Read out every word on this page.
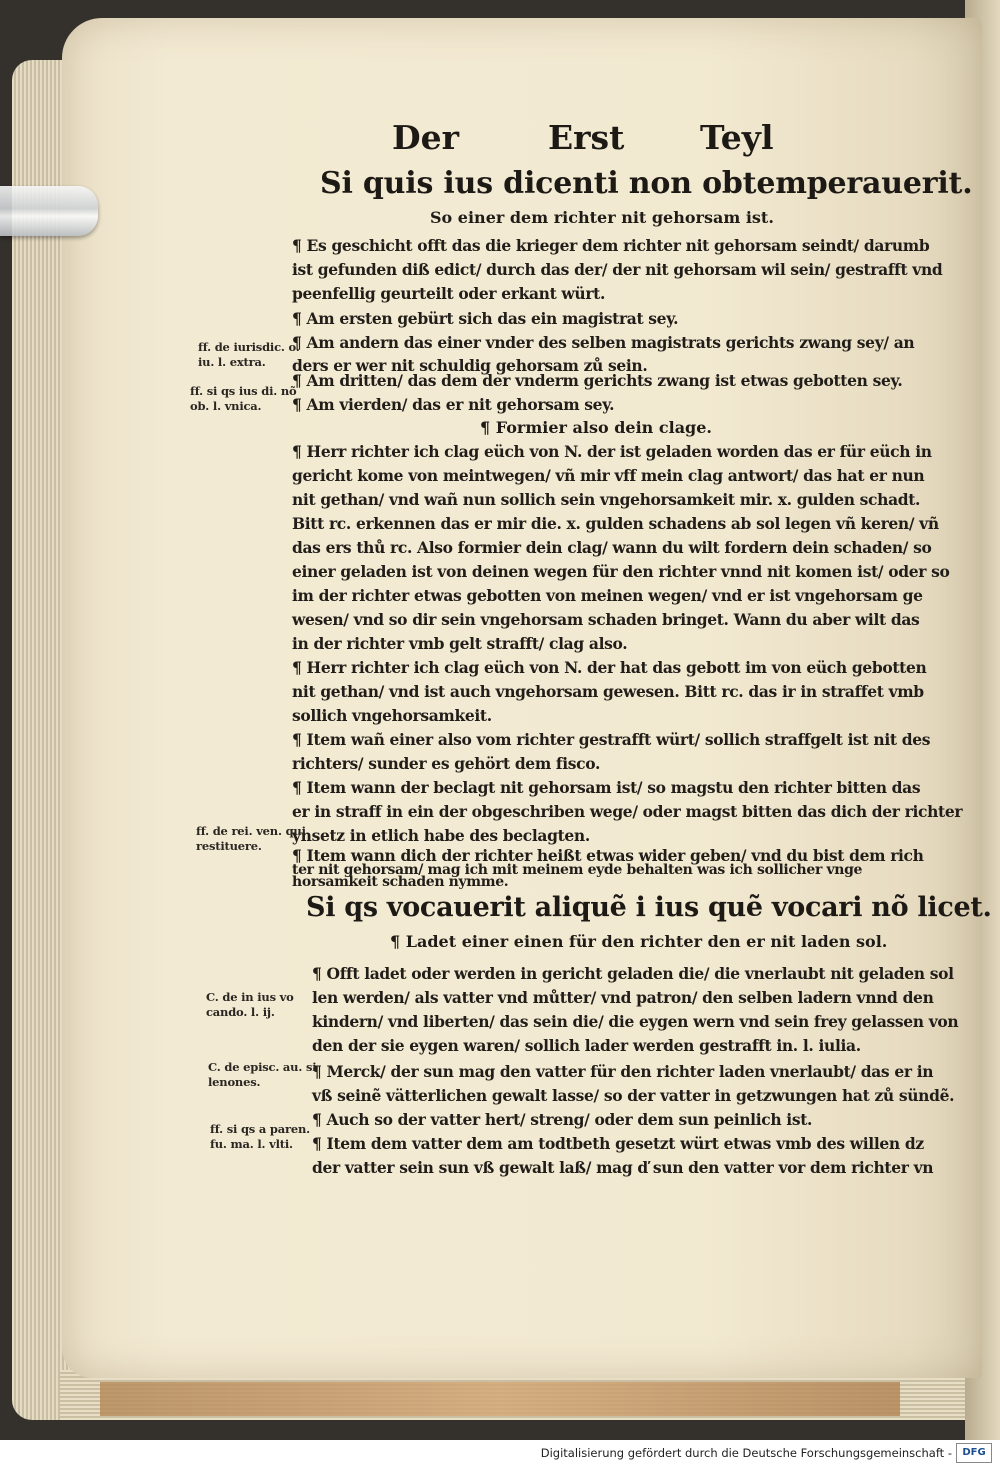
Der	Erst Teyl
Si quis ius dicenti non obtemperauerit.
So einer dem richter nit gehorsam ist.
¶ Es geschicht offt das die krieger dem richter nit gehorsam seindt/ darumb
ist gefunden diß edict/ durch das der/ der nit gehorsam wil sein/ gestrafft vnd
peenfellig geurteilt oder erkant würt.
¶ Am ersten gebürt sich das ein magistrat sey.
¶ Am andern das einer vnder des selben magistrats gerichts zwang sey/ an
ders er wer nit schuldig gehorsam zů sein.
¶ Am dritten/ das dem der vnderm gerichts zwang ist etwas gebotten sey.
¶ Am vierden/ das er nit gehorsam sey.
¶ Formier also dein clage.
¶ Herr richter ich clag eüch von N. der ist geladen worden das er für eüch in
gericht kome von meintwegen/ vñ mir vff mein clag antwort/ das hat er nun
nit gethan/ vnd wañ nun sollich sein vngehorsamkeit mir. x. gulden schadt.
Bitt rc. erkennen das er mir die. x. gulden schadens ab sol legen vñ keren/ vñ
das ers thů rc. Also formier dein clag/ wann du wilt fordern dein schaden/ so
einer geladen ist von deinen wegen für den richter vnnd nit komen ist/ oder so
im der richter etwas gebotten von meinen wegen/ vnd er ist vngehorsam ge
wesen/ vnd so dir sein vngehorsam schaden bringet. Wann du aber wilt das
in der richter vmb gelt strafft/ clag also.
¶ Herr richter ich clag eüch von N. der hat das gebott im von eüch gebotten
nit gethan/ vnd ist auch vngehorsam gewesen. Bitt rc. das ir in straffet vmb
sollich vngehorsamkeit.
¶ Item wañ einer also vom richter gestrafft würt/ sollich straffgelt ist nit des
richters/ sunder es gehört dem fisco.
¶ Item wann der beclagt nit gehorsam ist/ so magstu den richter bitten das
er in straff in ein der obgeschriben wege/ oder magst bitten das dich der richter
ynsetz in etlich habe des beclagten.
¶ Item wann dich der richter heißt etwas wider geben/ vnd du bist dem rich
ter nit gehorsam/ mag ich mit meinem eyde behalten was ich sollicher vnge
Si qs vocauerit aliquẽ i ius quẽ vocari nõ licet.
¶ Ladet einer einen für den richter den er nit laden sol.
¶ Offt ladet oder werden in gericht geladen die/ die vnerlaubt nit geladen sol
len werden/ als vatter vnd můtter/ vnd patron/ den selben ladern vnnd den
kindern/ vnd liberten/ das sein die/ die eygen wern vnd sein frey gelassen von
den der sie eygen waren/ sollich lader werden gestrafft in. l. iulia.
¶ Merck/ der sun mag den vatter für den richter laden vnerlaubt/ das er in
vß seinẽ vätterlichen gewalt lasse/ so der vatter in getzwungen hat zů sündẽ.
¶ Auch so der vatter hert/ streng/ oder dem sun peinlich ist.
¶ Item dem vatter dem am todtbeth gesetzt würt etwas vmb des willen dz
der vatter sein sun vß gewalt laß/ mag ď sun den vatter vor dem richter vn
ff. de iurisdic. o.
iu. l. extra.
ff. si qs ius di. nõ
ob. l. vnica.
ff. de rei. ven. qui
restituere.
C. de in ius vo
cando. l. ij.
C. de episc. au. si
lenones.
ff. si qs a paren.
fu. ma. l. vlti.
Digitalisierung gefördert durch die Deutsche Forschungsgemeinschaft -	DFG
horsamkeit schaden nymme.
